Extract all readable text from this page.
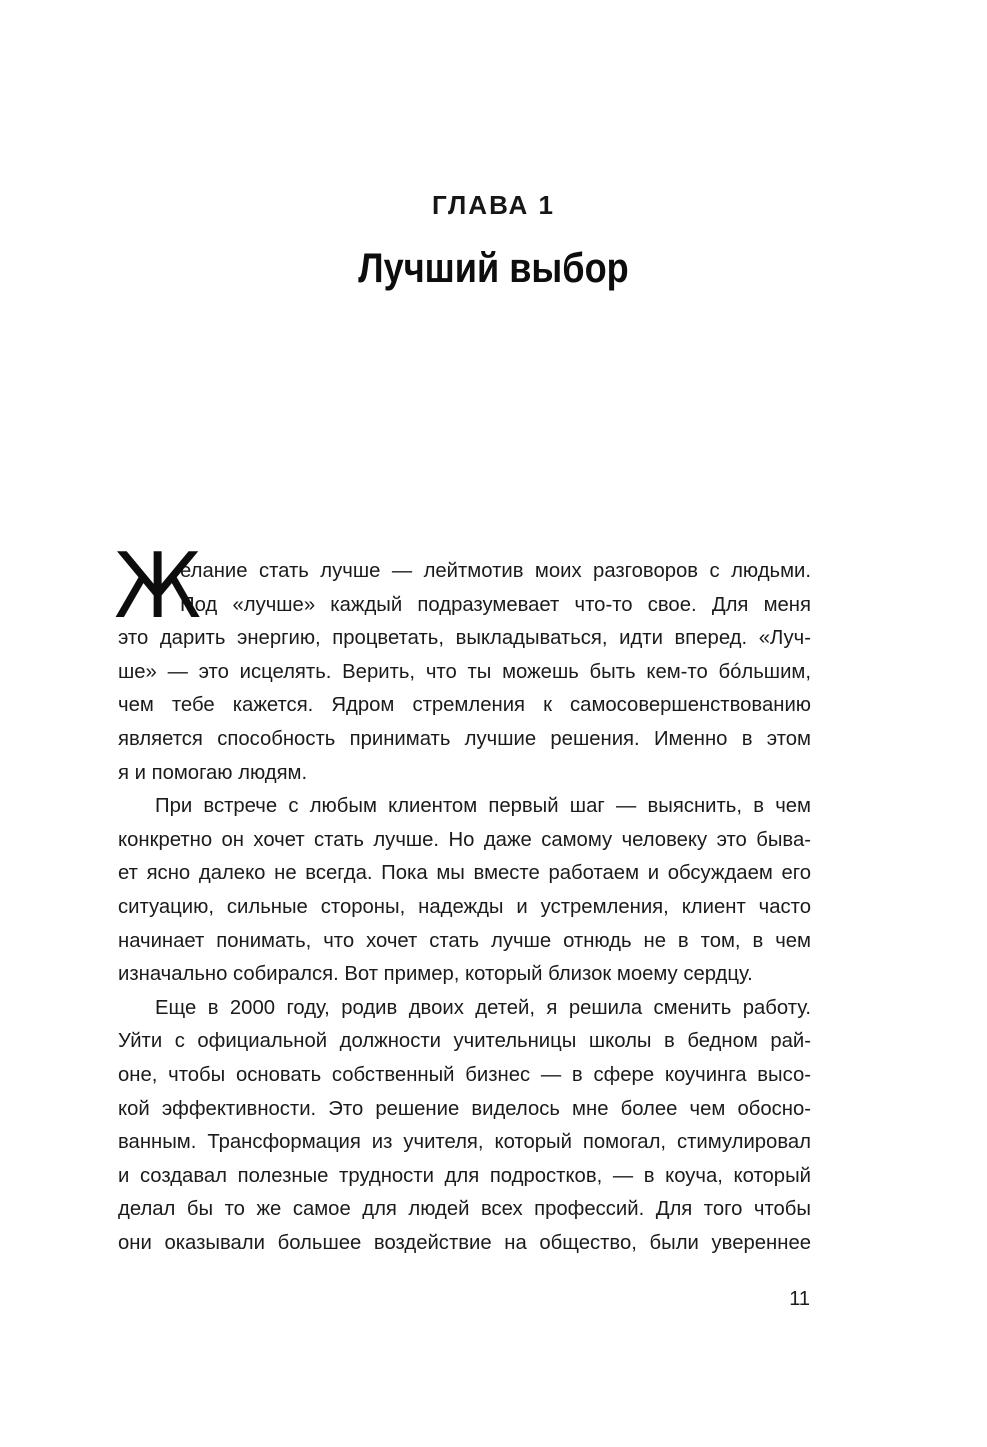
ГЛАВА 1
Лучший выбор
Ж
елание стать лучше — лейтмотив моих разговоров с людьми.
Под «лучше» каждый подразумевает что-то свое. Для меня
это дарить энергию, процветать, выкладываться, идти вперед. «Луч-
ше» — это исцелять. Верить, что ты можешь быть кем-то бóльшим,
чем тебе кажется. Ядром стремления к самосовершенствованию
является способность принимать лучшие решения. Именно в этом
я и помогаю людям.
При встрече с любым клиентом первый шаг — выяснить, в чем
конкретно он хочет стать лучше. Но даже самому человеку это быва-
ет ясно далеко не всегда. Пока мы вместе работаем и обсуждаем его
ситуацию, сильные стороны, надежды и устремления, клиент часто
начинает понимать, что хочет стать лучше отнюдь не в том, в чем
изначально собирался. Вот пример, который близок моему сердцу.
Еще в 2000 году, родив двоих детей, я решила сменить работу.
Уйти с официальной должности учительницы школы в бедном рай-
оне, чтобы основать собственный бизнес — в сфере коучинга высо-
кой эффективности. Это решение виделось мне более чем обосно-
ванным. Трансформация из учителя, который помогал, стимулировал
и создавал полезные трудности для подростков, — в коуча, который
делал бы то же самое для людей всех профессий. Для того чтобы
они оказывали большее воздействие на общество, были увереннее
11
